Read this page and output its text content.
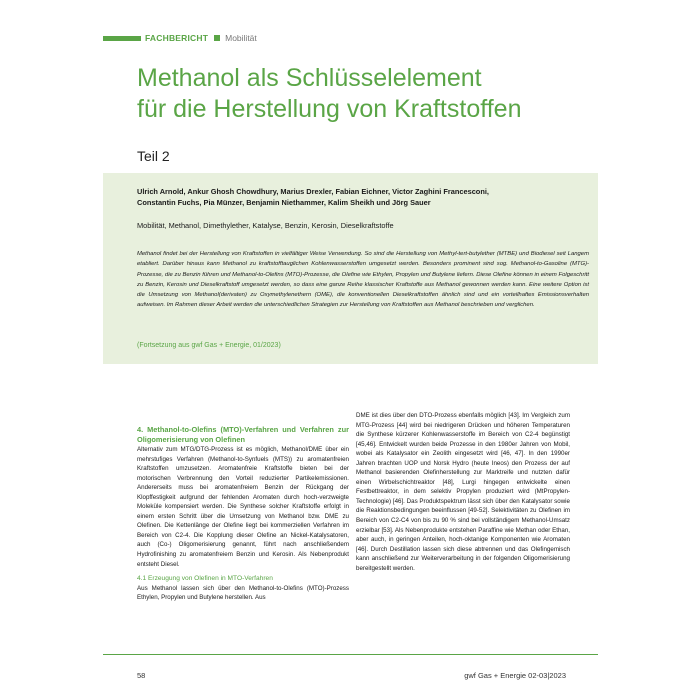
FACHBERICHT Mobilität
Methanol als Schlüsselelement
für die Herstellung von Kraftstoffen
Teil 2
Ulrich Arnold, Ankur Ghosh Chowdhury, Marius Drexler, Fabian Eichner, Victor Zaghini Francesconi,
Constantin Fuchs, Pia Münzer, Benjamin Niethammer, Kalim Sheikh und Jörg Sauer
Mobilität, Methanol, Dimethylether, Katalyse, Benzin, Kerosin, Dieselkraftstoffe

Methanol findet bei der Herstellung von Kraftstoffen in vielfältiger Weise Verwendung. So sind die Herstellung von Methyl-tert-butylether (MTBE) und Biodiesel seit Langem etabliert. Darüber hinaus kann Methanol zu kraftstofftauglichen Kohlenwasserstoffen umgesetzt werden. Besonders prominent sind sog. Methanol-to-Gasoline (MTG)-Prozesse, die zu Benzin führen und Methanol-to-Olefins (MTO)-Prozesse, die Olefine wie Ethylen, Propylen und Butylene liefern. Diese Olefine können in einem Folgeschritt zu Benzin, Kerosin und Dieselkraftstoff umgesetzt werden, so dass eine ganze Reihe klassischer Kraftstoffe aus Methanol gewonnen werden kann. Eine weitere Option ist die Umsetzung von Methanol(derivaten) zu Oxymethylenethern (OME), die konventionellen Dieselkraftstoffen ähnlich sind und ein vorteilhaftes Emissionsverhalten aufweisen. Im Rahmen dieser Arbeit werden die unterschiedlichen Strategien zur Herstellung von Kraftstoffen aus Methanol beschrieben und verglichen.

(Fortsetzung aus gwf Gas + Energie, 01/2023)
4. Methanol-to-Olefins (MTO)-Verfahren und Verfahren zur Oligomerisierung von Olefinen

Alternativ zum MTG/DTG-Prozess ist es möglich, Methanol/DME über ein mehrstufiges Verfahren (Methanol-to-Synfuels (MTS)) zu aromatenfreien Kraftstoffen umzusetzen. Aromatenfreie Kraftstoffe bieten bei der motorischen Verbrennung den Vorteil reduzierter Partikelemissionen. Andererseits muss bei aromatenfreiem Benzin der Rückgang der Klopffestigkeit aufgrund der fehlenden Aromaten durch hoch-verzweigte Moleküle kompensiert werden. Die Synthese solcher Kraftstoffe erfolgt in einem ersten Schritt über die Umsetzung von Methanol bzw. DME zu Olefinen. Die Kettenlänge der Olefine liegt bei kommerziellen Verfahren im Bereich von C2-4. Die Kopplung dieser Olefine an Nickel-Katalysatoren, auch (Co-) Oligomerisierung genannt, führt nach anschließendem Hydrofinishing zu aromatenfreiem Benzin und Kerosin. Als Nebenprodukt entsteht Diesel.

4.1 Erzeugung von Olefinen in MTO-Verfahren

Aus Methanol lassen sich über den Methanol-to-Olefins (MTO)-Prozess Ethylen, Propylen und Butylene herstellen. Aus

DME ist dies über den DTO-Prozess ebenfalls möglich [43]. Im Vergleich zum MTG-Prozess [44] wird bei niedrigeren Drücken und höheren Temperaturen die Synthese kürzerer Kohlenwasserstoffe im Bereich von C2-4 begünstigt [45,46]. Entwickelt wurden beide Prozesse in den 1980er Jahren von Mobil, wobei als Katalysator ein Zeolith eingesetzt wird [46, 47]. In den 1990er Jahren brachten UOP und Norsk Hydro (heute Ineos) den Prozess der auf Methanol basierenden Olefinherstellung zur Marktreife und nutzten dafür einen Wirbelschichtreaktor [48], Lurgi hingegen entwickelte einen Festbettreaktor, in dem selektiv Propylen produziert wird (MtPropylen-Technologie) [46]. Das Produktspektrum lässt sich über den Katalysator sowie die Reaktionsbedingungen beeinflussen [49-52]. Selektivitäten zu Olefinen im Bereich von C2-C4 von bis zu 90 % sind bei vollständigem Methanol-Umsatz erzielbar [53]. Als Nebenprodukte entstehen Paraffine wie Methan oder Ethan, aber auch, in geringen Anteilen, hoch-oktanige Komponenten wie Aromaten [46]. Durch Destillation lassen sich diese abtrennen und das Olefingemisch kann anschließend zur Weiterverarbeitung in der folgenden Oligomerisierung bereitgestellt werden.

58	gwf Gas + Energie 02-03|2023
